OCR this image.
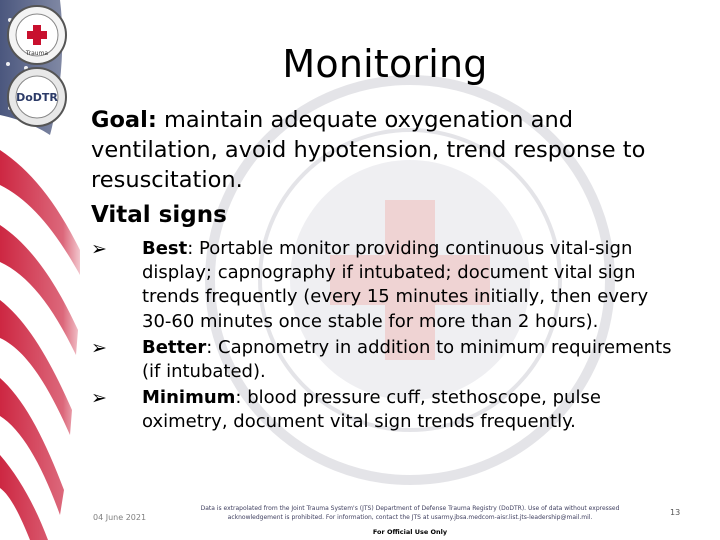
Trauma
DoDTR
Monitoring

Goal: maintain adequate oxygenation and ventilation, avoid hypotension, trend response to resuscitation.

Vital signs
➢	Best: Portable monitor providing continuous vital-sign display; capnography if intubated; document vital sign trends frequently (every 15 minutes initially, then every 30-60 minutes once stable for more than 2 hours).
➢	Better: Capnometry in addition to minimum requirements (if intubated).
➢	Minimum: blood pressure cuff, stethoscope, pulse oximetry, document vital sign trends frequently.
04 June 2021
Data is extrapolated from the Joint Trauma System's (JTS) Department of Defense Trauma Registry (DoDTR). Use of data without expressed
acknowledgement is prohibited. For information, contact the JTS at usarmy.jbsa.medcom-aisr.list.jts-leadership@mail.mil.
For Official Use Only
13
